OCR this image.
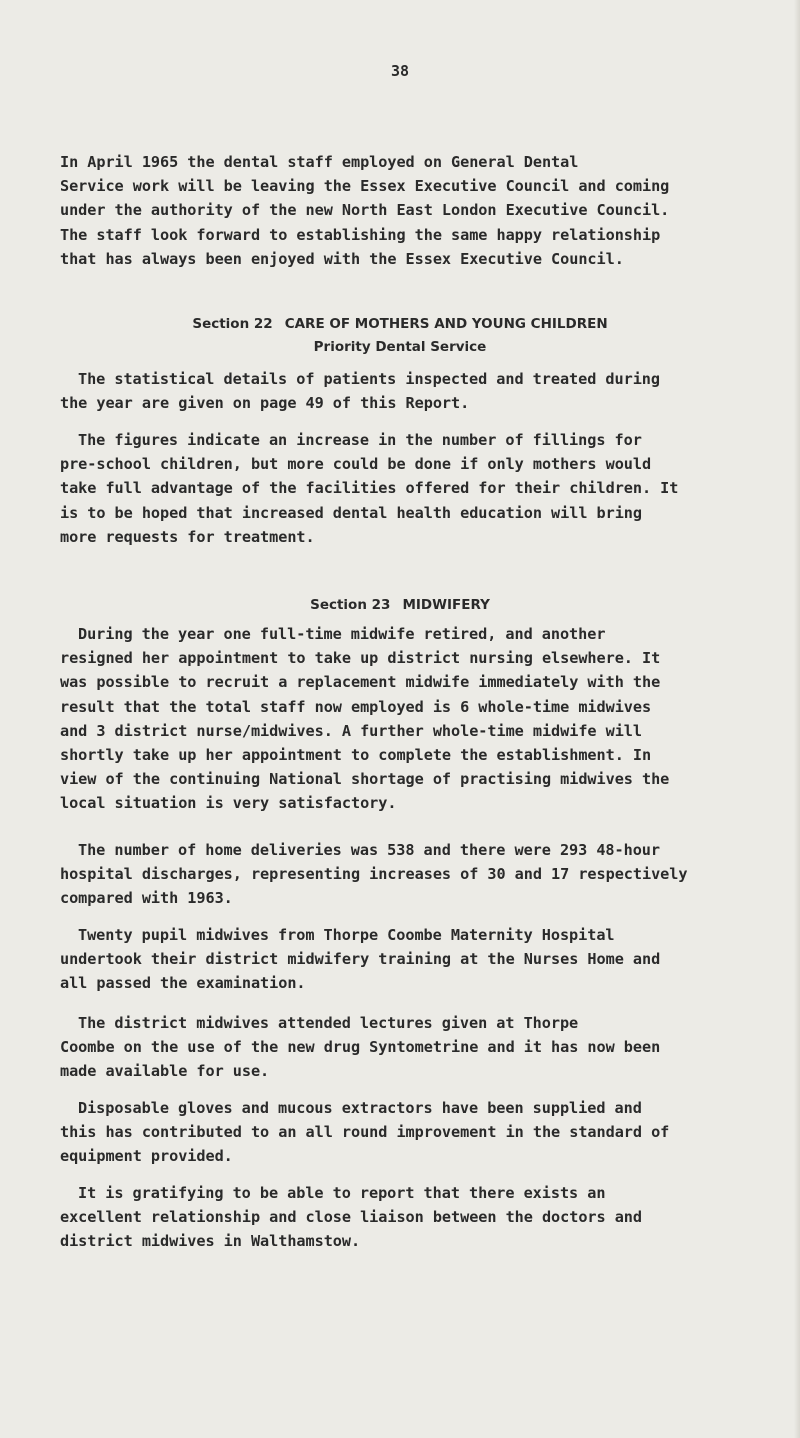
38

In April 1965 the dental staff employed on General Dental
Service work will be leaving the Essex Executive Council and coming
under the authority of the new North East London Executive Council.
The staff look forward to establishing the same happy relationship
that has always been enjoyed with the Essex Executive Council.

Section 22 CARE OF MOTHERS AND YOUNG CHILDREN
Priority Dental Service

The statistical details of patients inspected and treated during
the year are given on page 49 of this Report.

The figures indicate an increase in the number of fillings for
pre-school children, but more could be done if only mothers would
take full advantage of the facilities offered for their children. It
is to be hoped that increased dental health education will bring
more requests for treatment.

Section 23 MIDWIFERY

During the year one full-time midwife retired, and another
resigned her appointment to take up district nursing elsewhere. It
was possible to recruit a replacement midwife immediately with the
result that the total staff now employed is 6 whole-time midwives
and 3 district nurse/midwives. A further whole-time midwife will
shortly take up her appointment to complete the establishment. In
view of the continuing National shortage of practising midwives the
local situation is very satisfactory.

The number of home deliveries was 538 and there were 293 48-hour
hospital discharges, representing increases of 30 and 17 respectively
compared with 1963.

Twenty pupil midwives from Thorpe Coombe Maternity Hospital
undertook their district midwifery training at the Nurses Home and
all passed the examination.

The district midwives attended lectures given at Thorpe
Coombe on the use of the new drug Syntometrine and it has now been
made available for use.

Disposable gloves and mucous extractors have been supplied and
this has contributed to an all round improvement in the standard of
equipment provided.

It is gratifying to be able to report that there exists an
excellent relationship and close liaison between the doctors and
district midwives in Walthamstow.
